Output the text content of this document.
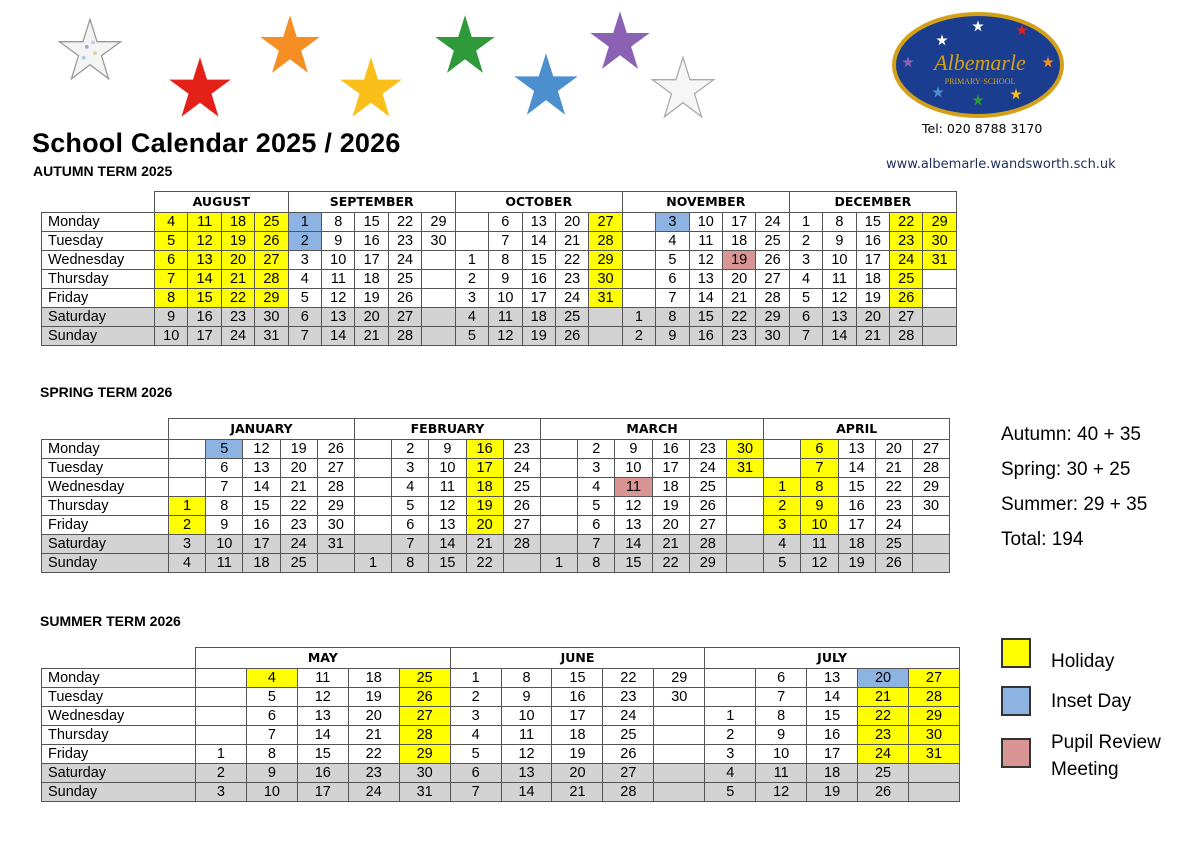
Albemarle
PRIMARY·SCHOOL
Tel: 020 8788 3170
www.albemarle.wandsworth.sch.uk
School Calendar 2025 / 2026
AUTUMN TERM 2025
SPRING TERM 2026
SUMMER TERM 2026
	AUGUST				SEPTEMBER					OCTOBER					NOVEMBER					DECEMBER				
Monday	4	11	18	25	1	8	15	22	29		6	13	20	27		3	10	17	24	1	8	15	22	29
Tuesday	5	12	19	26	2	9	16	23	30		7	14	21	28		4	11	18	25	2	9	16	23	30
Wednesday	6	13	20	27	3	10	17	24		1	8	15	22	29		5	12	19	26	3	10	17	24	31
Thursday	7	14	21	28	4	11	18	25		2	9	16	23	30		6	13	20	27	4	11	18	25	
Friday	8	15	22	29	5	12	19	26		3	10	17	24	31		7	14	21	28	5	12	19	26	
Saturday	9	16	23	30	6	13	20	27		4	11	18	25		1	8	15	22	29	6	13	20	27	
Sunday	10	17	24	31	7	14	21	28		5	12	19	26		2	9	16	23	30	7	14	21	28	
	JANUARY					FEBRUARY					MARCH						APRIL				
Monday		5	12	19	26		2	9	16	23		2	9	16	23	30		6	13	20	27
Tuesday		6	13	20	27		3	10	17	24		3	10	17	24	31		7	14	21	28
Wednesday		7	14	21	28		4	11	18	25		4	11	18	25		1	8	15	22	29
Thursday	1	8	15	22	29		5	12	19	26		5	12	19	26		2	9	16	23	30
Friday	2	9	16	23	30		6	13	20	27		6	13	20	27		3	10	17	24	
Saturday	3	10	17	24	31		7	14	21	28		7	14	21	28		4	11	18	25	
Sunday	4	11	18	25		1	8	15	22		1	8	15	22	29		5	12	19	26	
	MAY					JUNE					JULY				
Monday		4	11	18	25	1	8	15	22	29		6	13	20	27
Tuesday		5	12	19	26	2	9	16	23	30		7	14	21	28
Wednesday		6	13	20	27	3	10	17	24		1	8	15	22	29
Thursday		7	14	21	28	4	11	18	25		2	9	16	23	30
Friday	1	8	15	22	29	5	12	19	26		3	10	17	24	31
Saturday	2	9	16	23	30	6	13	20	27		4	11	18	25	
Sunday	3	10	17	24	31	7	14	21	28		5	12	19	26	
Autumn: 40 + 35
Spring: 30 + 25
Summer: 29 + 35
Total: 194
Holiday
Inset Day
Pupil Review
Meeting
